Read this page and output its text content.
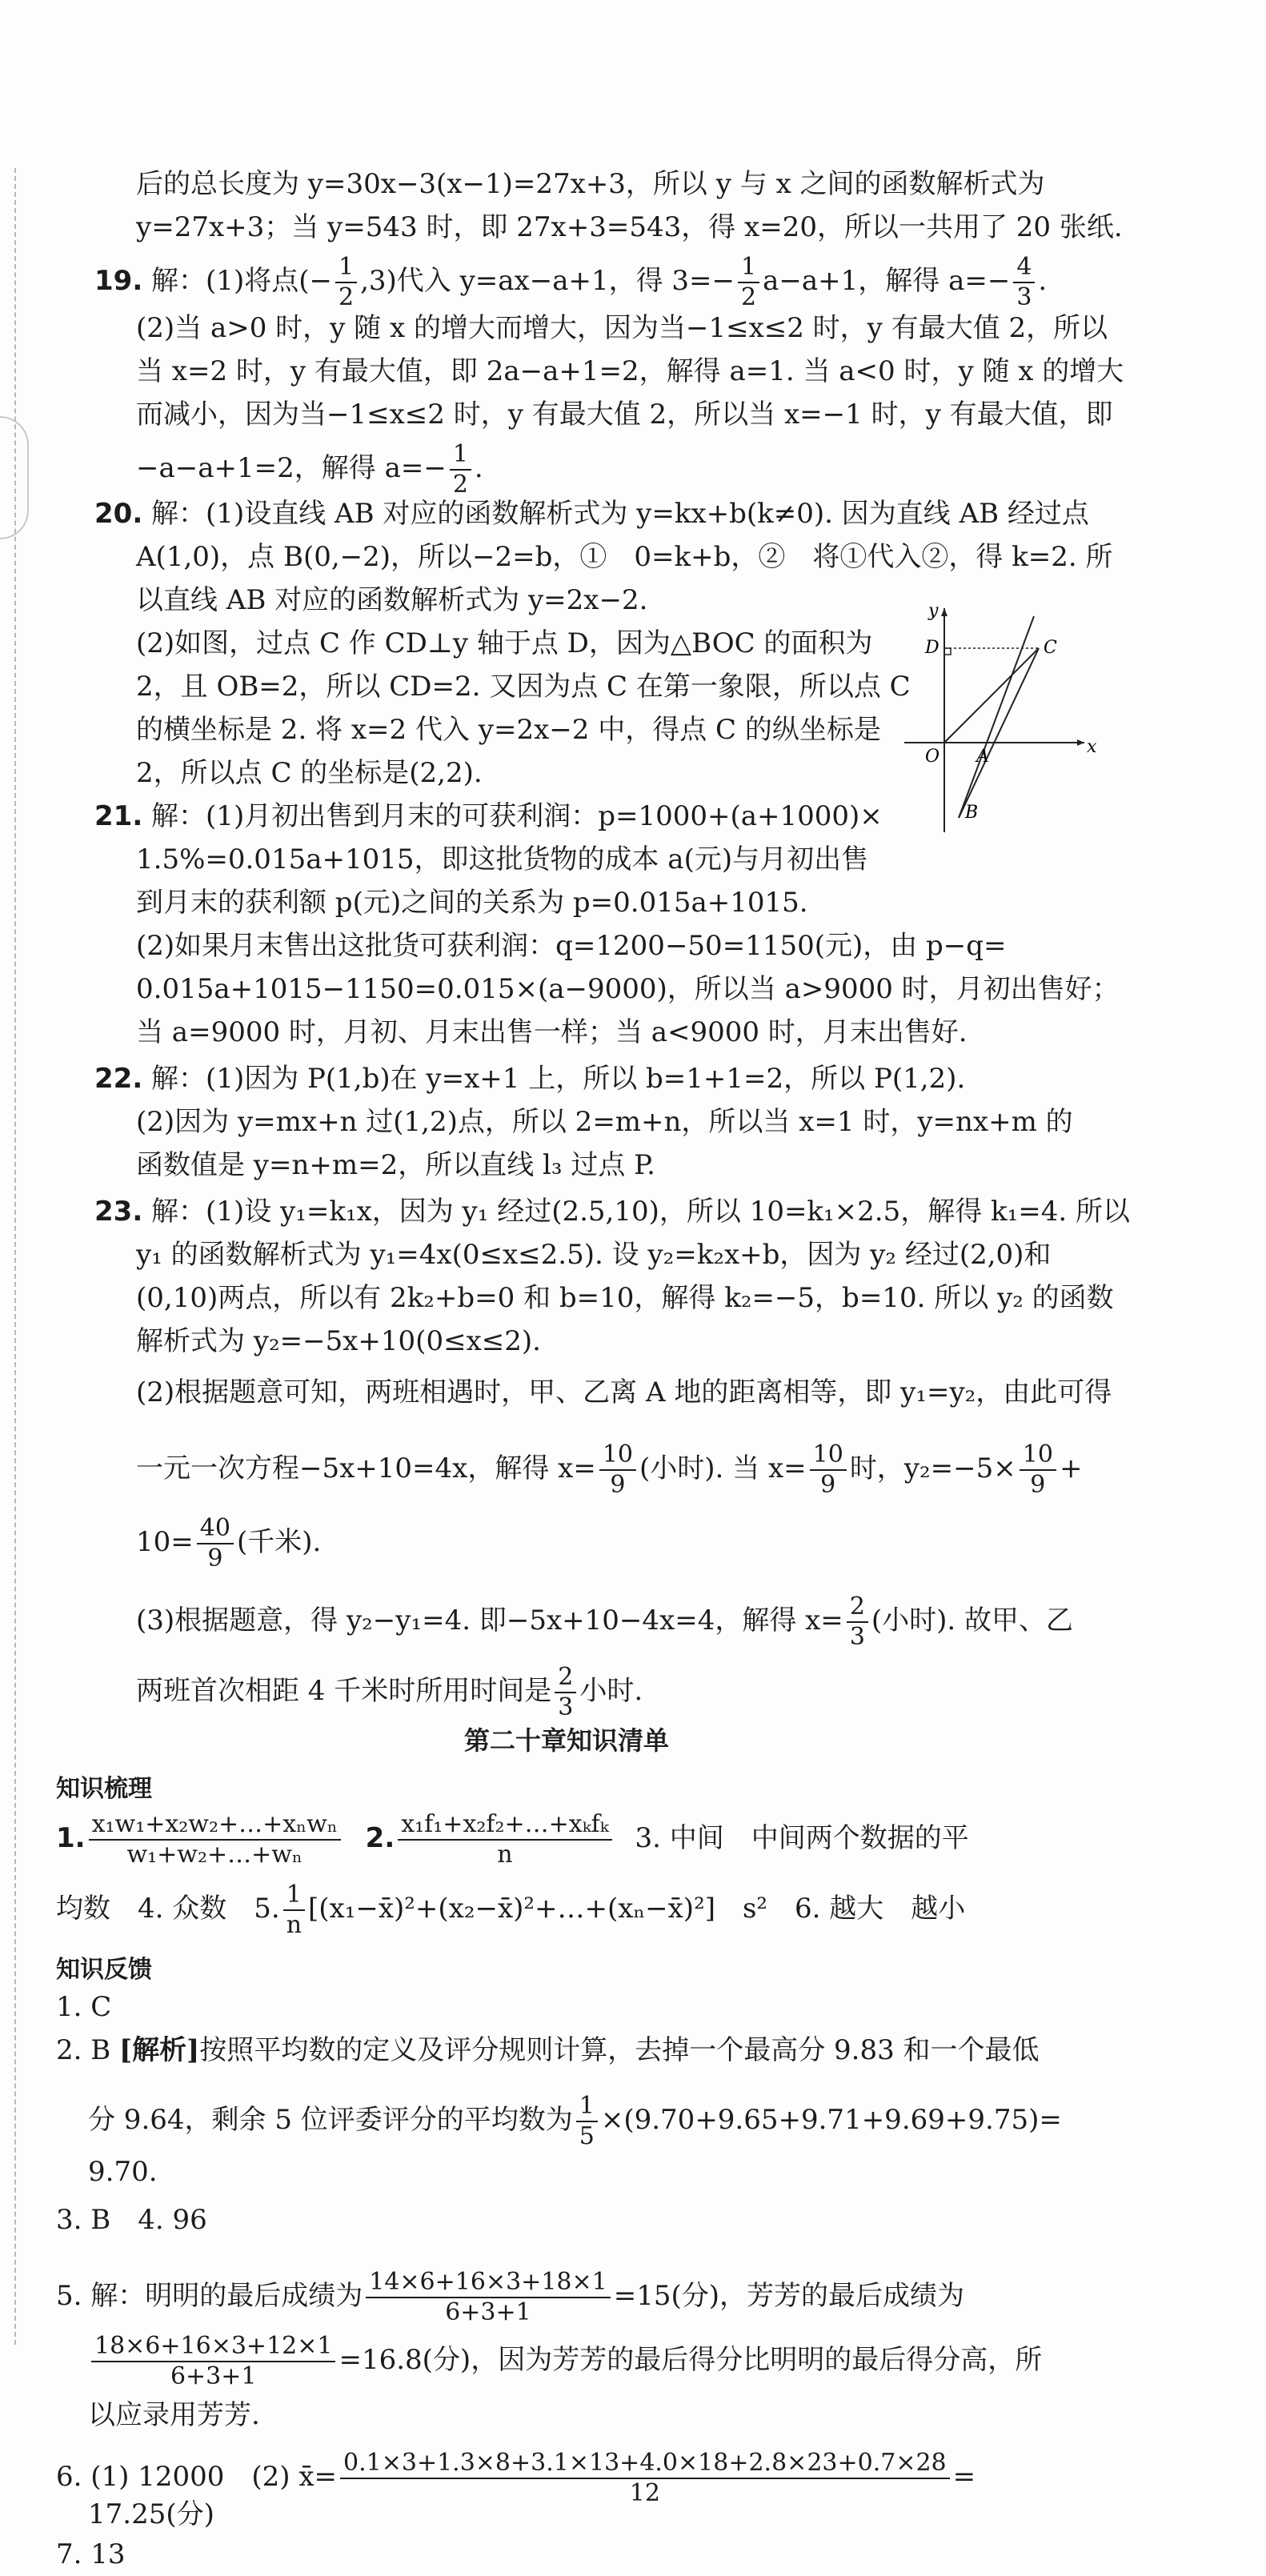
后的总长度为 y=30x−3(x−1)=27x+3，所以 y 与 x 之间的函数解析式为
y=27x+3；当 y=543 时，即 27x+3=543，得 x=20，所以一共用了 20 张纸.
19. 解：(1)将点(− $\frac{1}{2} ,3$)代入 y=ax−a+1，得 $3=- \frac{1}{2} a-a+1$，解得 $a=- \frac{4}{3}$ .
(2)当 a>0 时，y 随 x 的增大而增大，因为当−1≤x≤2 时，y 有最大值 2，所以
当 x=2 时，y 有最大值，即 2a−a+1=2，解得 a=1. 当 a<0 时，y 随 x 的增大
而减小，因为当−1≤x≤2 时，y 有最大值 2，所以当 x=−1 时，y 有最大值，即
−a−a+1=2，解得 $a=- \frac{1}{2}$ .
20. 解：(1)设直线 AB 对应的函数解析式为 y=kx+b(k≠0). 因为直线 AB 经过点
A(1,0)，点 B(0,−2)，所以−2=b，①　0=k+b，②　将①代入②，得 k=2. 所
以直线 AB 对应的函数解析式为 y=2x−2.
(2)如图，过点 C 作 CD⊥y 轴于点 D，因为△BOC 的面积为
2，且 OB=2，所以 CD=2. 又因为点 C 在第一象限，所以点 C
的横坐标是 2. 将 x=2 代入 y=2x−2 中，得点 C 的纵坐标是
2，所以点 C 的坐标是(2,2).
y
x
O A
B
C
D
21. 解：(1)月初出售到月末的可获利润：p=1000+(a+1000)×
1.5%=0.015a+1015，即这批货物的成本 a(元)与月初出售
到月末的获利额 p(元)之间的关系为 p=0.015a+1015.
(2)如果月末售出这批货可获利润：q=1200−50=1150(元)，由 p−q=
0.015a+1015−1150=0.015×(a−9000)，所以当 a>9000 时，月初出售好；
当 a=9000 时，月初、月末出售一样；当 a<9000 时，月末出售好.
22. 解：(1)因为 P(1,b)在 y=x+1 上，所以 b=1+1=2，所以 P(1,2).
(2)因为 y=mx+n 过(1,2)点，所以 2=m+n，所以当 x=1 时，y=nx+m 的
函数值是 y=n+m=2，所以直线 l₃ 过点 P.
23. 解：(1)设 y₁=k₁x，因为 y₁ 经过(2.5,10)，所以 10=k₁×2.5，解得 k₁=4. 所以
y₁ 的函数解析式为 y₁=4x(0≤x≤2.5). 设 y₂=k₂x+b，因为 y₂ 经过(2,0)和
(0,10)两点，所以有 2k₂+b=0 和 b=10，解得 k₂=−5，b=10. 所以 y₂ 的函数
解析式为 y₂=−5x+10(0≤x≤2).
(2)根据题意可知，两班相遇时，甲、乙离 A 地的距离相等，即 y₁=y₂，由此可得
一元一次方程−5x+10=4x，解得 $x= \frac{10}{9}$ (小时). 当 $x= \frac{10}{9}$ 时，$y_2=-5\times \frac{10}{9}$ +
$10= \frac{40}{9}$ (千米).
(3)根据题意，得 y₂−y₁=4. 即−5x+10−4x=4，解得 $x= \frac{2}{3}$ (小时). 故甲、乙
两班首次相距 4 千米时所用时间是 $\frac{2}{3}$ 小时.
第二十章知识清单
知识梳理
1. $\frac{\text{x₁w₁+x₂w₂+…+xₙwₙ}}{\text{w₁+w₂+…+wₙ}} 2$. $\frac{\text{x₁f₁+x₂f₂+…+xₖfₖ}}{n} 3$. 中间　中间两个数据的平
均数　4. 众数　5. $\frac{1}{n}$ [(x₁−x̄)²+(x₂−x̄)²+…+(xₙ−x̄)²]　s²　6. 越大　越小
知识反馈
1. C
2. B [解析]按照平均数的定义及评分规则计算，去掉一个最高分 9.83 和一个最低
分 9.64，剩余 5 位评委评分的平均数为 $\frac{1}{5} \times(9.70+9.65+9.71+9.69+9.75)=$
9.70.
3. B　4. 96
5. 解：明明的最后成绩为 $\frac{14\times 6+16\times 3+18\times 1}{6+3+1} =15$(分)，芳芳的最后成绩为
$\frac{18\times 6+16\times 3+12\times 1}{6+3+1} =16.8$(分)，因为芳芳的最后得分比明明的最后得分高，所
以应录用芳芳.
6. (1) 12000　(2) x̄= $\frac{0.1\times 3+1.3\times 8+3.1\times 13+4.0\times 18+2.8\times 23+0.7\times 28}{12}$ =
17.25(分)
7. 13
